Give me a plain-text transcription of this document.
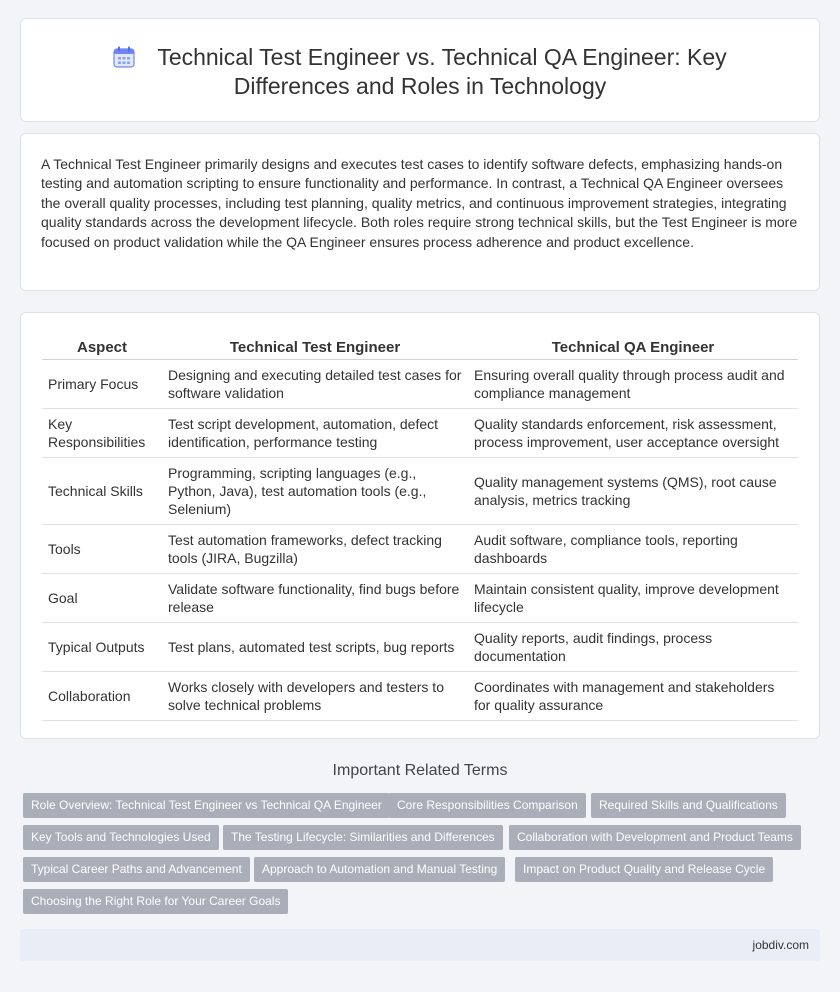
Technical Test Engineer vs. Technical QA Engineer: Key Differences and Roles in Technology

A Technical Test Engineer primarily designs and executes test cases to identify software defects, emphasizing hands-on testing and automation scripting to ensure functionality and performance. In contrast, a Technical QA Engineer oversees the overall quality processes, including test planning, quality metrics, and continuous improvement strategies, integrating quality standards across the development lifecycle. Both roles require strong technical skills, but the Test Engineer is more focused on product validation while the QA Engineer ensures process adherence and product excellence.

Aspect	Technical Test Engineer	Technical QA Engineer
Primary Focus	Designing and executing detailed test cases for software validation	Ensuring overall quality through process audit and compliance management
Key Responsibilities	Test script development, automation, defect identification, performance testing	Quality standards enforcement, risk assessment, process improvement, user acceptance oversight
Technical Skills	Programming, scripting languages (e.g., Python, Java), test automation tools (e.g., Selenium)	Quality management systems (QMS), root cause analysis, metrics tracking
Tools	Test automation frameworks, defect tracking tools (JIRA, Bugzilla)	Audit software, compliance tools, reporting dashboards
Goal	Validate software functionality, find bugs before release	Maintain consistent quality, improve development lifecycle
Typical Outputs	Test plans, automated test scripts, bug reports	Quality reports, audit findings, process documentation
Collaboration	Works closely with developers and testers to solve technical problems	Coordinates with management and stakeholders for quality assurance
Important Related Terms
Role Overview: Technical Test Engineer vs Technical QA Engineer	Core Responsibilities Comparison	Required Skills and Qualifications
Key Tools and Technologies Used	The Testing Lifecycle: Similarities and Differences	Collaboration with Development and Product Teams
Typical Career Paths and Advancement	Approach to Automation and Manual Testing	Impact on Product Quality and Release Cycle
Choosing the Right Role for Your Career Goals
jobdiv.com
